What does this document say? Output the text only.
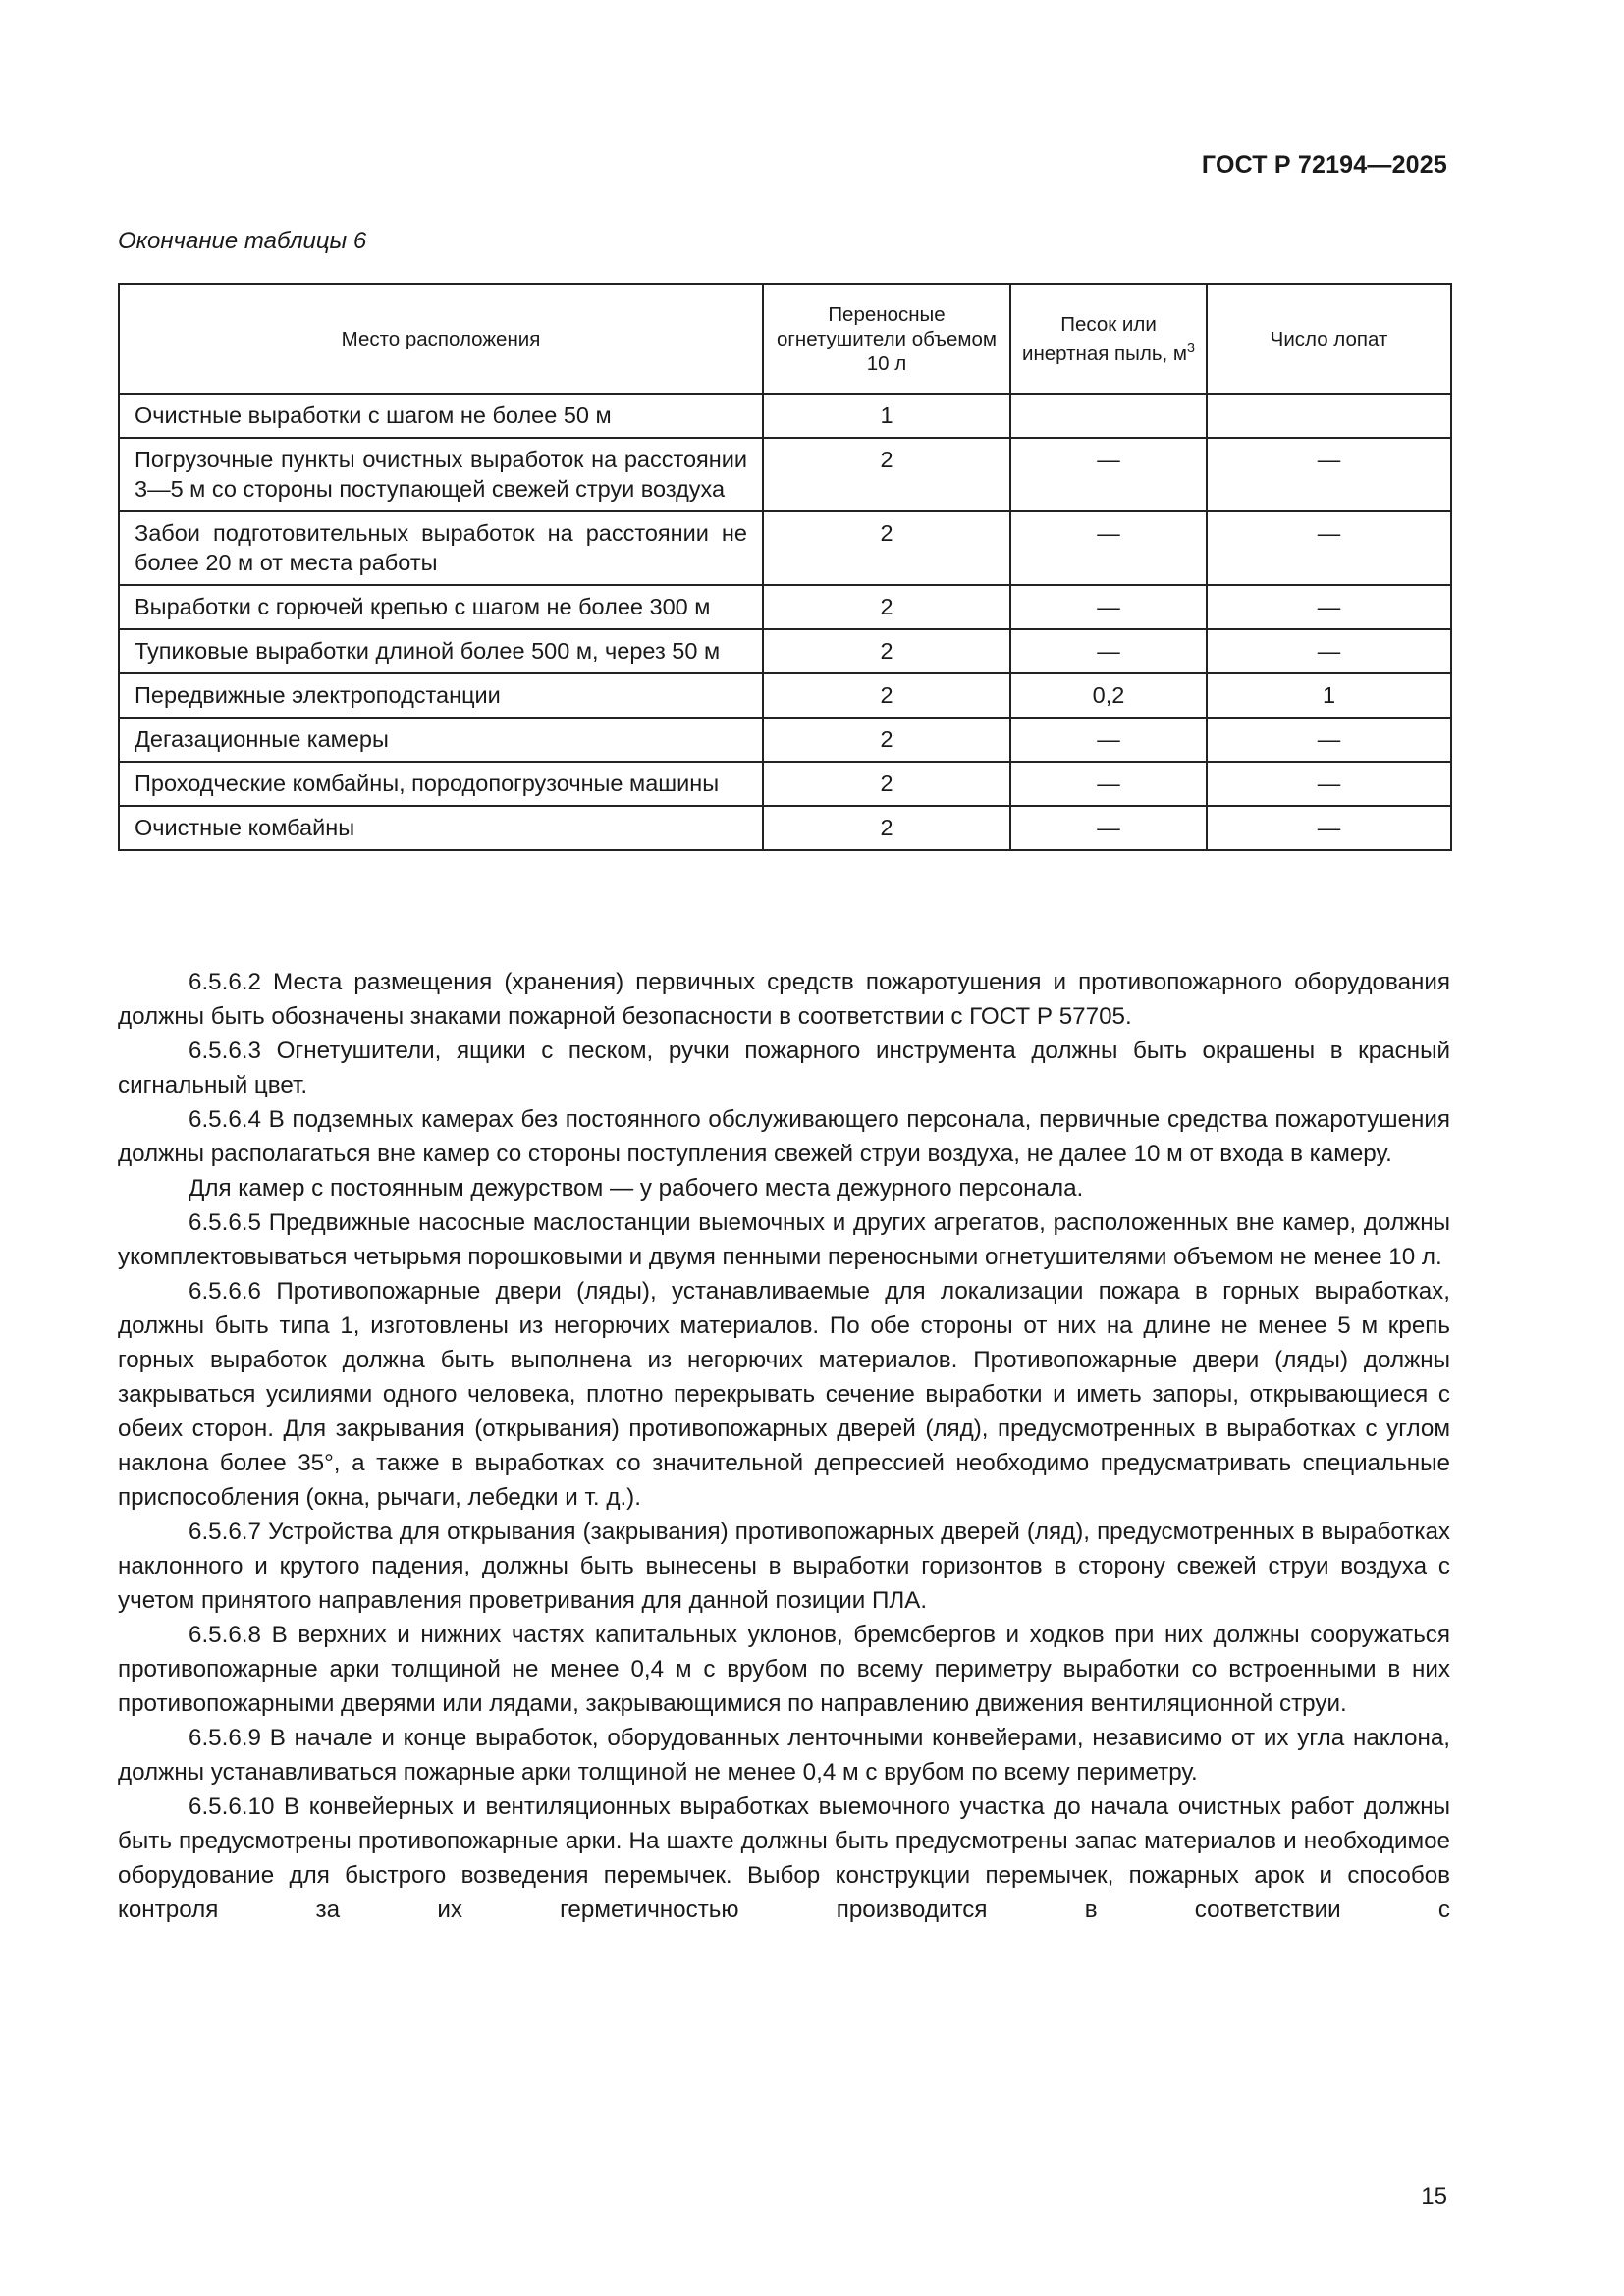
ГОСТ Р 72194—2025
Окончание таблицы 6
Место расположения	Переносные огнетушители объемом 10 л	Песок или инертная пыль, $м^3$	Число лопат
Очистные выработки с шагом не более 50 м	1		
Погрузочные пункты очистных выработок на расстоянии 3—5 м со стороны поступающей свежей струи воздуха	2	—	—
Забои подготовительных выработок на расстоянии не более 20 м от места работы	2	—	—
Выработки с горючей крепью с шагом не более 300 м	2	—	—
Тупиковые выработки длиной более 500 м, через 50 м	2	—	—
Передвижные электроподстанции	2	0,2	1
Дегазационные камеры	2	—	—
Проходческие комбайны, породопогрузочные машины	2	—	—
Очистные комбайны	2	—	—

6.5.6.2 Места размещения (хранения) первичных средств пожаротушения и противопожарного оборудования должны быть обозначены знаками пожарной безопасности в соответствии с ГОСТ Р 57705.

6.5.6.3 Огнетушители, ящики с песком, ручки пожарного инструмента должны быть окрашены в красный сигнальный цвет.

6.5.6.4 В подземных камерах без постоянного обслуживающего персонала, первичные средства пожаротушения должны располагаться вне камер со стороны поступления свежей струи воздуха, не далее 10 м от входа в камеру.

Для камер с постоянным дежурством — у рабочего места дежурного персонала.

6.5.6.5 Предвижные насосные маслостанции выемочных и других агрегатов, расположенных вне камер, должны укомплектовываться четырьмя порошковыми и двумя пенными переносными огнетушителями объемом не менее 10 л.

6.5.6.6 Противопожарные двери (ляды), устанавливаемые для локализации пожара в горных выработках, должны быть типа 1, изготовлены из негорючих материалов. По обе стороны от них на длине не менее 5 м крепь горных выработок должна быть выполнена из негорючих материалов. Противопожарные двери (ляды) должны закрываться усилиями одного человека, плотно перекрывать сечение выработки и иметь запоры, открывающиеся с обеих сторон. Для закрывания (открывания) противопожарных дверей (ляд), предусмотренных в выработках с углом наклона более 35°, а также в выработках со значительной депрессией необходимо предусматривать специальные приспособления (окна, рычаги, лебедки и т. д.).

6.5.6.7 Устройства для открывания (закрывания) противопожарных дверей (ляд), предусмотренных в выработках наклонного и крутого падения, должны быть вынесены в выработки горизонтов в сторону свежей струи воздуха с учетом принятого направления проветривания для данной позиции ПЛА.

6.5.6.8 В верхних и нижних частях капитальных уклонов, бремсбергов и ходков при них должны сооружаться противопожарные арки толщиной не менее 0,4 м с врубом по всему периметру выработки со встроенными в них противопожарными дверями или лядами, закрывающимися по направлению движения вентиляционной струи.

6.5.6.9 В начале и конце выработок, оборудованных ленточными конвейерами, независимо от их угла наклона, должны устанавливаться пожарные арки толщиной не менее 0,4 м с врубом по всему периметру.

6.5.6.10 В конвейерных и вентиляционных выработках выемочного участка до начала очистных работ должны быть предусмотрены противопожарные арки. На шахте должны быть предусмотрены запас материалов и необходимое оборудование для быстрого возведения перемычек. Выбор конструкции перемычек, пожарных арок и способов контроля за их герметичностью производится в соответствии с

15
